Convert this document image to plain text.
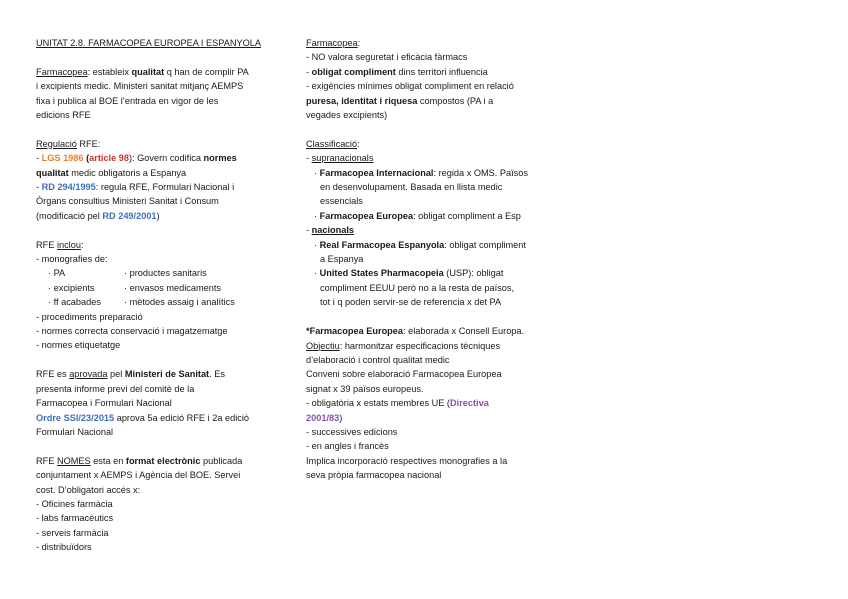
UNITAT 2.8. FARMACOPEA EUROPEA I ESPANYOLA

Farmacopea: estableix qualitat q han de complir PA

i excipients medic. Ministeri sanitat mitjanç AEMPS

fixa i publica al BOE l’entrada en vigor de les

edicions RFE

Regulació RFE:

- LGS 1986 (article 98): Govern codifica normes

qualitat medic obligatoris a Espanya

- RD 294/1995: regula RFE, Formulari Nacional i

Òrgans consultius Ministeri Sanitat i Consum

(modificació pel RD 249/2001)

RFE inclou:

- monografies de:

· PA	· productes sanitaris
· excipients	· envasos medicaments
· ff acabades	· mètodes assaig i analítics

- procediments preparació

- normes correcta conservació i magatzematge

- normes etiquetatge

RFE es aprovada pel Ministeri de Sanitat. Es

presenta informe previ del comitè de la

Farmacopea i Formulari Nacional

Ordre SSI/23/2015 aprova 5a edició RFE i 2a edició

Formulari Nacional

RFE NOMES esta en format electrònic publicada

conjuntament x AEMPS i Agència del BOE. Servei

cost. D’obligatori accés x:

- Oficines farmàcia

- labs farmacèutics

- serveis farmàcia

- distribuïdors

Farmacopea:

- NO valora seguretat i eficàcia fàrmacs

- obligat compliment dins territori influencia

- exigències mínimes obligat compliment en relació

puresa, identitat i riquesa compostos (PA i a

vegades excipients)

Classificació:

- supranacionals

· Farmacopea Internacional: regida x OMS. Països

en desenvolupament. Basada en llista medic

essencials

· Farmacopea Europea: obligat compliment a Esp

- nacionals

· Real Farmacopea Espanyola: obligat compliment

a Espanya

· United States Pharmacopeia (USP): obligat

compliment EEUU però no a la resta de països,

tot i q poden servir-se de referencia x det PA

*Farmacopea Europea: elaborada x Consell Europa.

Objectiu: harmonitzar especificacions tècniques

d’elaboració i control qualitat medic

Conveni sobre elaboració Farmacopea Europea

signat x 39 països europeus.

- obligatòria x estats membres UE (Directiva

2001/83)

- successives edicions

- en angles i francès

Implica incorporació respectives monografies a la

seva pròpia farmacopea nacional
